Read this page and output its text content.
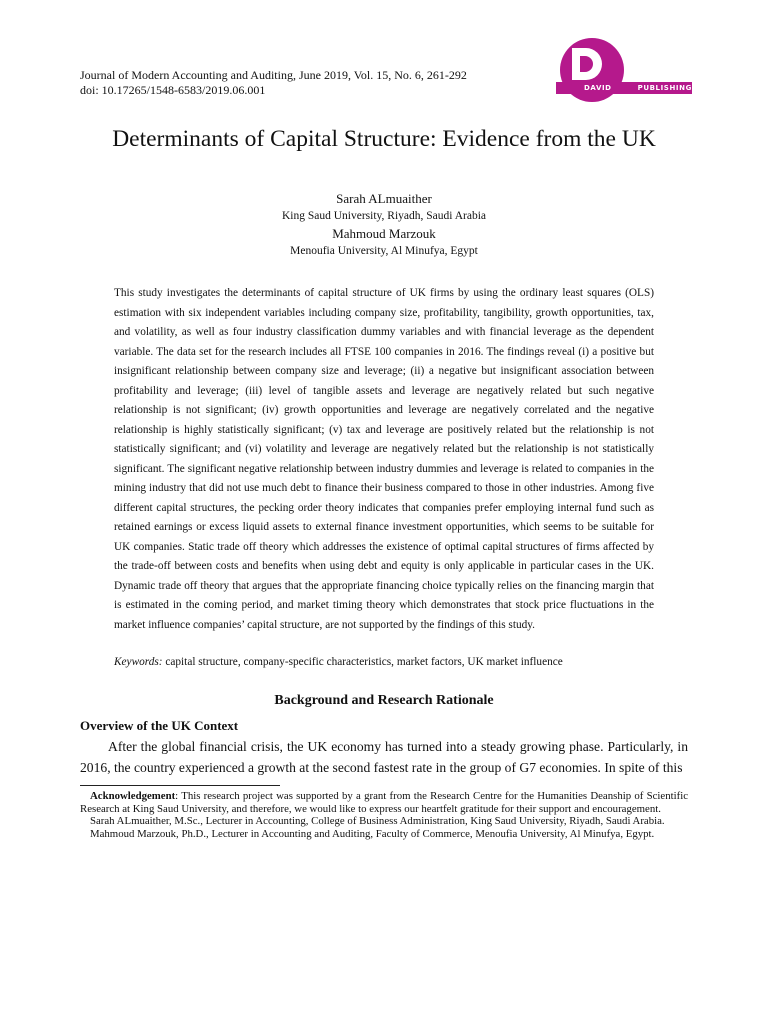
Journal of Modern Accounting and Auditing, June 2019, Vol. 15, No. 6, 261-292
doi: 10.17265/1548-6583/2019.06.001	DAVID	PUBLISHING
Determinants of Capital Structure: Evidence from the UK
Sarah ALmuaither
King Saud University, Riyadh, Saudi Arabia
Mahmoud Marzouk
Menoufia University, Al Minufya, Egypt

This study investigates the determinants of capital structure of UK firms by using the ordinary least squares (OLS) estimation with six independent variables including company size, profitability, tangibility, growth opportunities, tax, and volatility, as well as four industry classification dummy variables and with financial leverage as the dependent variable. The data set for the research includes all FTSE 100 companies in 2016. The findings reveal (i) a positive but insignificant relationship between company size and leverage; (ii) a negative but insignificant association between profitability and leverage; (iii) level of tangible assets and leverage are negatively related but such negative relationship is not significant; (iv) growth opportunities and leverage are negatively correlated and the negative relationship is highly statistically significant; (v) tax and leverage are positively related but the relationship is not statistically significant; and (vi) volatility and leverage are negatively related but the relationship is not statistically significant. The significant negative relationship between industry dummies and leverage is related to companies in the mining industry that did not use much debt to finance their business compared to those in other industries. Among five different capital structures, the pecking order theory indicates that companies prefer employing internal fund such as retained earnings or excess liquid assets to external finance investment opportunities, which seems to be suitable for UK companies. Static trade off theory which addresses the existence of optimal capital structures of firms affected by the trade-off between costs and benefits when using debt and equity is only applicable in particular cases in the UK. Dynamic trade off theory that argues that the appropriate financing choice typically relies on the financing margin that is estimated in the coming period, and market timing theory which demonstrates that stock price fluctuations in the market influence companies’ capital structure, are not supported by the findings of this study.

Keywords: capital structure, company-specific characteristics, market factors, UK market influence
Background and Research Rationale
Overview of the UK Context

After the global financial crisis, the UK economy has turned into a steady growing phase. Particularly, in 2016, the country experienced a growth at the second fastest rate in the group of G7 economies. In spite of this

Acknowledgement: This research project was supported by a grant from the Research Centre for the Humanities Deanship of Scientific Research at King Saud University, and therefore, we would like to express our heartfelt gratitude for their support and encouragement.

Sarah ALmuaither, M.Sc., Lecturer in Accounting, College of Business Administration, King Saud University, Riyadh, Saudi Arabia.

Mahmoud Marzouk, Ph.D., Lecturer in Accounting and Auditing, Faculty of Commerce, Menoufia University, Al Minufya, Egypt.
